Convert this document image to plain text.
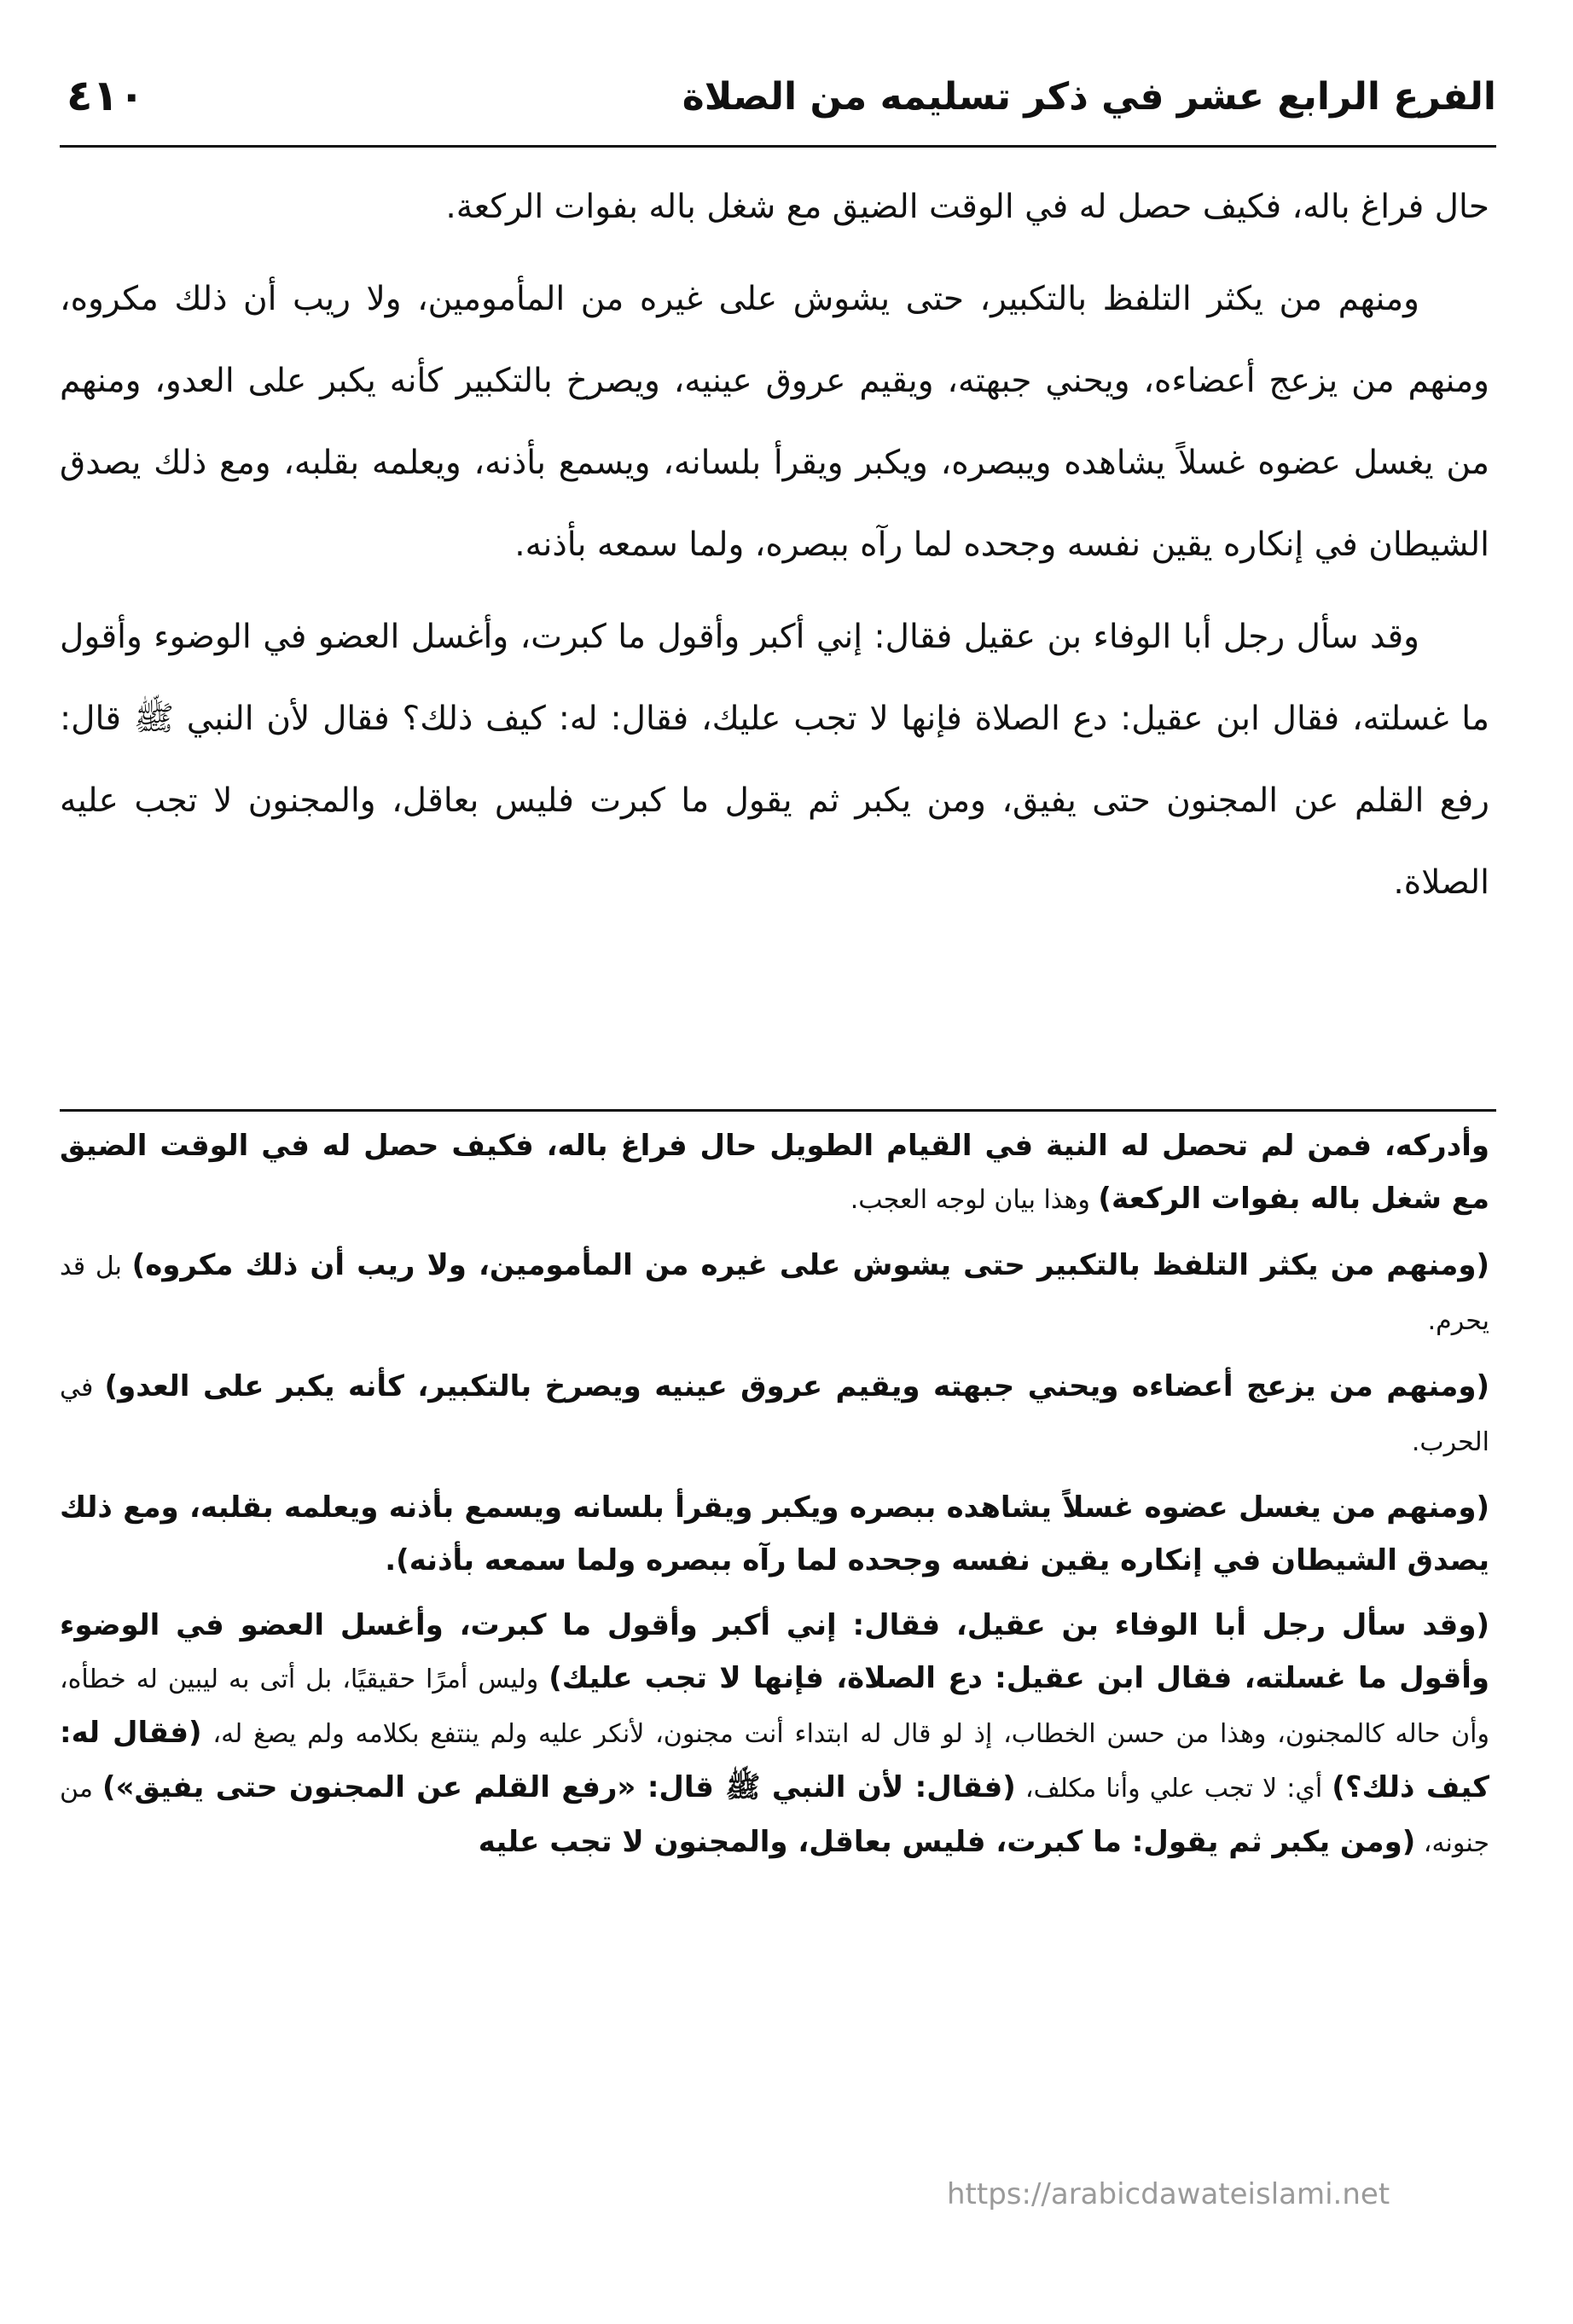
الفرع الرابع عشر في ذكر تسليمه من الصلاة
٤١٠

حال فراغ باله، فكيف حصل له في الوقت الضيق مع شغل باله بفوات الركعة.

ومنهم من يكثر التلفظ بالتكبير، حتى يشوش على غيره من المأمومين، ولا ريب أن ذلك مكروه، ومنهم من يزعج أعضاءه، ويحني جبهته، ويقيم عروق عينيه، ويصرخ بالتكبير كأنه يكبر على العدو، ومنهم من يغسل عضوه غسلاً يشاهده ويبصره، ويكبر ويقرأ بلسانه، ويسمع بأذنه، ويعلمه بقلبه، ومع ذلك يصدق الشيطان في إنكاره يقين نفسه وجحده لما رآه ببصره، ولما سمعه بأذنه.

وقد سأل رجل أبا الوفاء بن عقيل فقال: إني أكبر وأقول ما كبرت، وأغسل العضو في الوضوء وأقول ما غسلته، فقال ابن عقيل: دع الصلاة فإنها لا تجب عليك، فقال: له: كيف ذلك؟ فقال لأن النبي ﷺ قال: رفع القلم عن المجنون حتى يفيق، ومن يكبر ثم يقول ما كبرت فليس بعاقل، والمجنون لا تجب عليه الصلاة.

وأدركه، فمن لم تحصل له النية في القيام الطويل حال فراغ باله، فكيف حصل له في الوقت الضيق مع شغل باله بفوات الركعة) وهذا بيان لوجه العجب.

(ومنهم من يكثر التلفظ بالتكبير حتى يشوش على غيره من المأمومين، ولا ريب أن ذلك مكروه) بل قد يحرم.

(ومنهم من يزعج أعضاءه ويحني جبهته ويقيم عروق عينيه ويصرخ بالتكبير، كأنه يكبر على العدو) في الحرب.

(ومنهم من يغسل عضوه غسلاً يشاهده ببصره ويكبر ويقرأ بلسانه ويسمع بأذنه ويعلمه بقلبه، ومع ذلك يصدق الشيطان في إنكاره يقين نفسه وجحده لما رآه ببصره ولما سمعه بأذنه).

(وقد سأل رجل أبا الوفاء بن عقيل، فقال: إني أكبر وأقول ما كبرت، وأغسل العضو في الوضوء وأقول ما غسلته، فقال ابن عقيل: دع الصلاة، فإنها لا تجب عليك) وليس أمرًا حقيقيًا، بل أتى به ليبين له خطأه، وأن حاله كالمجنون، وهذا من حسن الخطاب، إذ لو قال له ابتداء أنت مجنون، لأنكر عليه ولم ينتفع بكلامه ولم يصغ له، (فقال له: كيف ذلك؟) أي: لا تجب علي وأنا مكلف، (فقال: لأن النبي ﷺ قال: «رفع القلم عن المجنون حتى يفيق») من جنونه، (ومن يكبر ثم يقول: ما كبرت، فليس بعاقل، والمجنون لا تجب عليه

https://arabicdawateislami.net
